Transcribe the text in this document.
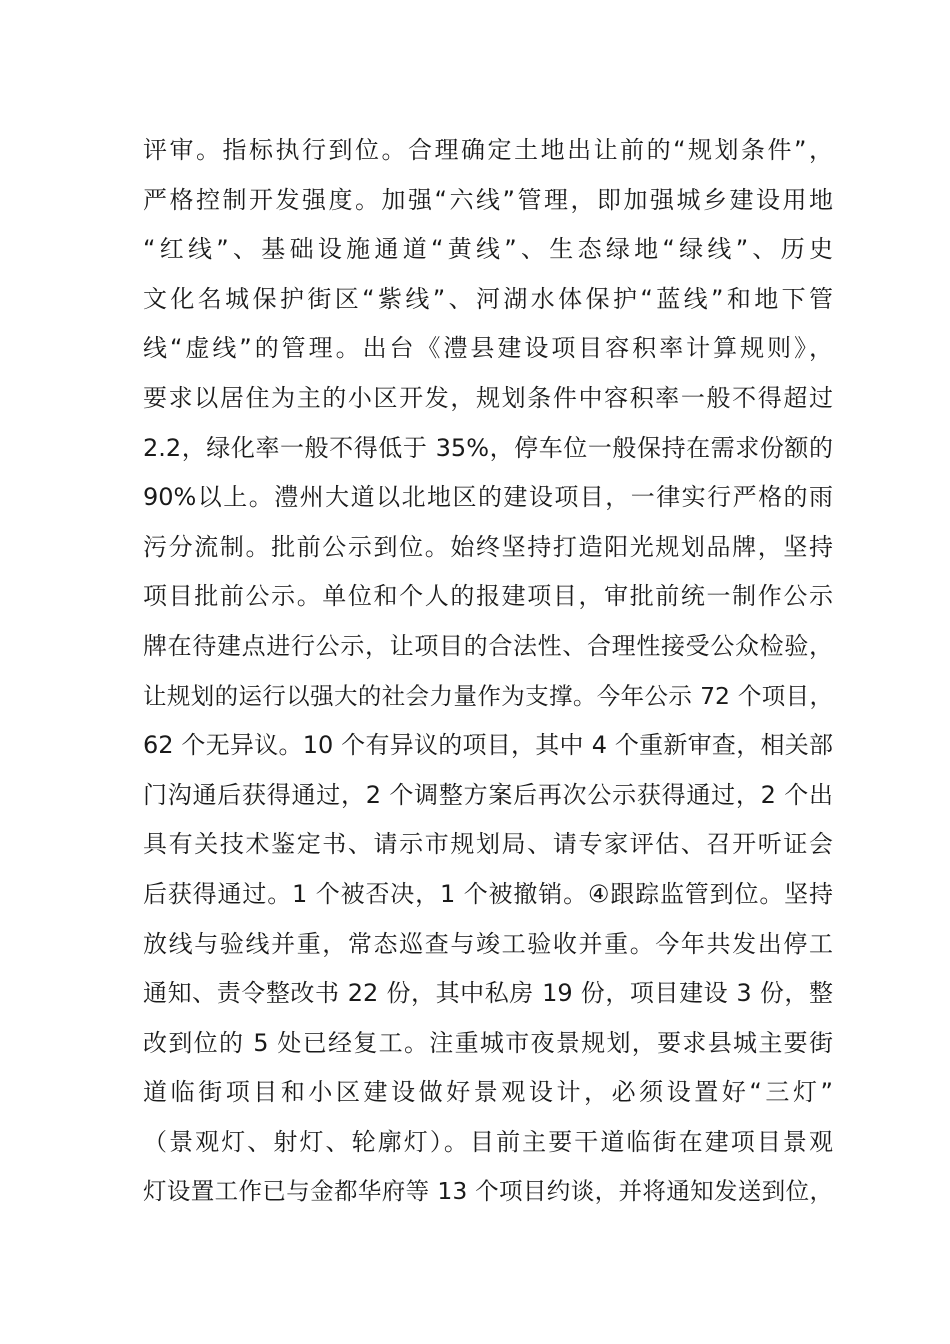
评审。指标执行到位。合理确定土地出让前的“规划条件”，
严格控制开发强度。加强“六线”管理，即加强城乡建设用地
“红线”、基础设施通道“黄线”、生态绿地“绿线”、历史
文化名城保护街区“紫线”、河湖水体保护“蓝线”和地下管
线“虚线”的管理。出台《澧县建设项目容积率计算规则》，
要求以居住为主的小区开发，规划条件中容积率一般不得超过
2.2，绿化率一般不得低于 35%，停车位一般保持在需求份额的
90%以上。澧州大道以北地区的建设项目，一律实行严格的雨
污分流制。批前公示到位。始终坚持打造阳光规划品牌，坚持
项目批前公示。单位和个人的报建项目，审批前统一制作公示
牌在待建点进行公示，让项目的合法性、合理性接受公众检验，
让规划的运行以强大的社会力量作为支撑。今年公示 72 个项目，
62 个无异议。10 个有异议的项目，其中 4 个重新审查，相关部
门沟通后获得通过，2 个调整方案后再次公示获得通过，2 个出
具有关技术鉴定书、请示市规划局、请专家评估、召开听证会
后获得通过。1 个被否决，1 个被撤销。④跟踪监管到位。坚持
放线与验线并重，常态巡查与竣工验收并重。今年共发出停工
通知、责令整改书 22 份，其中私房 19 份，项目建设 3 份，整
改到位的 5 处已经复工。注重城市夜景规划，要求县城主要街
道临街项目和小区建设做好景观设计，必须设置好“三灯”
（景观灯、射灯、轮廓灯）。目前主要干道临街在建项目景观
灯设置工作已与金都华府等 13 个项目约谈，并将通知发送到位，
